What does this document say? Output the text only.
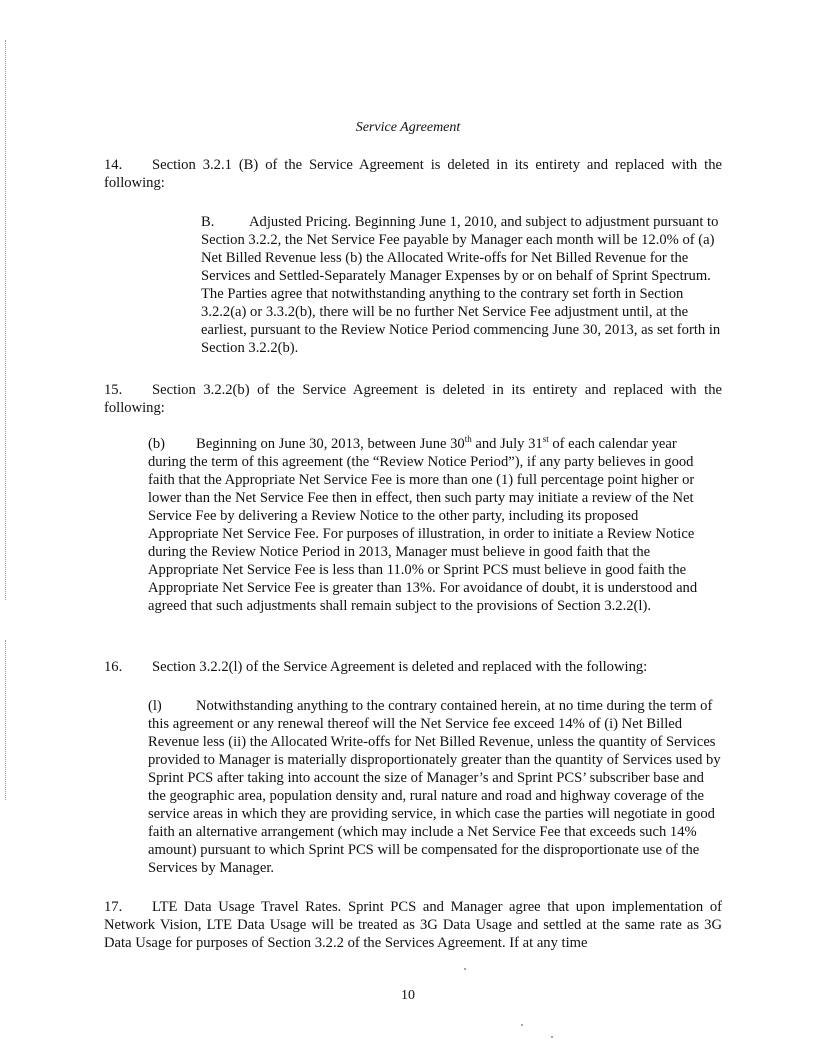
Service Agreement
14. Section 3.2.1 (B) of the Service Agreement is deleted in its entirety and replaced with the following:
B. Adjusted Pricing. Beginning June 1, 2010, and subject to adjustment pursuant to Section 3.2.2, the Net Service Fee payable by Manager each month will be 12.0% of (a) Net Billed Revenue less (b) the Allocated Write-offs for Net Billed Revenue for the Services and Settled-Separately Manager Expenses by or on behalf of Sprint Spectrum. The Parties agree that notwithstanding anything to the contrary set forth in Section 3.2.2(a) or 3.3.2(b), there will be no further Net Service Fee adjustment until, at the earliest, pursuant to the Review Notice Period commencing June 30, 2013, as set forth in Section 3.2.2(b).
15. Section 3.2.2(b) of the Service Agreement is deleted in its entirety and replaced with the following:
(b) Beginning on June 30, 2013, between June 30th and July 31st of each calendar year during the term of this agreement (the “Review Notice Period”), if any party believes in good faith that the Appropriate Net Service Fee is more than one (1) full percentage point higher or lower than the Net Service Fee then in effect, then such party may initiate a review of the Net Service Fee by delivering a Review Notice to the other party, including its proposed Appropriate Net Service Fee. For purposes of illustration, in order to initiate a Review Notice during the Review Notice Period in 2013, Manager must believe in good faith that the Appropriate Net Service Fee is less than 11.0% or Sprint PCS must believe in good faith the Appropriate Net Service Fee is greater than 13%. For avoidance of doubt, it is understood and agreed that such adjustments shall remain subject to the provisions of Section 3.2.2(l).
16. Section 3.2.2(l) of the Service Agreement is deleted and replaced with the following:
(l) Notwithstanding anything to the contrary contained herein, at no time during the term of this agreement or any renewal thereof will the Net Service fee exceed 14% of (i) Net Billed Revenue less (ii) the Allocated Write-offs for Net Billed Revenue, unless the quantity of Services provided to Manager is materially disproportionately greater than the quantity of Services used by Sprint PCS after taking into account the size of Manager’s and Sprint PCS’ subscriber base and the geographic area, population density and, rural nature and road and highway coverage of the service areas in which they are providing service, in which case the parties will negotiate in good faith an alternative arrangement (which may include a Net Service Fee that exceeds such 14% amount) pursuant to which Sprint PCS will be compensated for the disproportionate use of the Services by Manager.
17. LTE Data Usage Travel Rates. Sprint PCS and Manager agree that upon implementation of Network Vision, LTE Data Usage will be treated as 3G Data Usage and settled at the same rate as 3G Data Usage for purposes of Section 3.2.2 of the Services Agreement. If at any time
10
